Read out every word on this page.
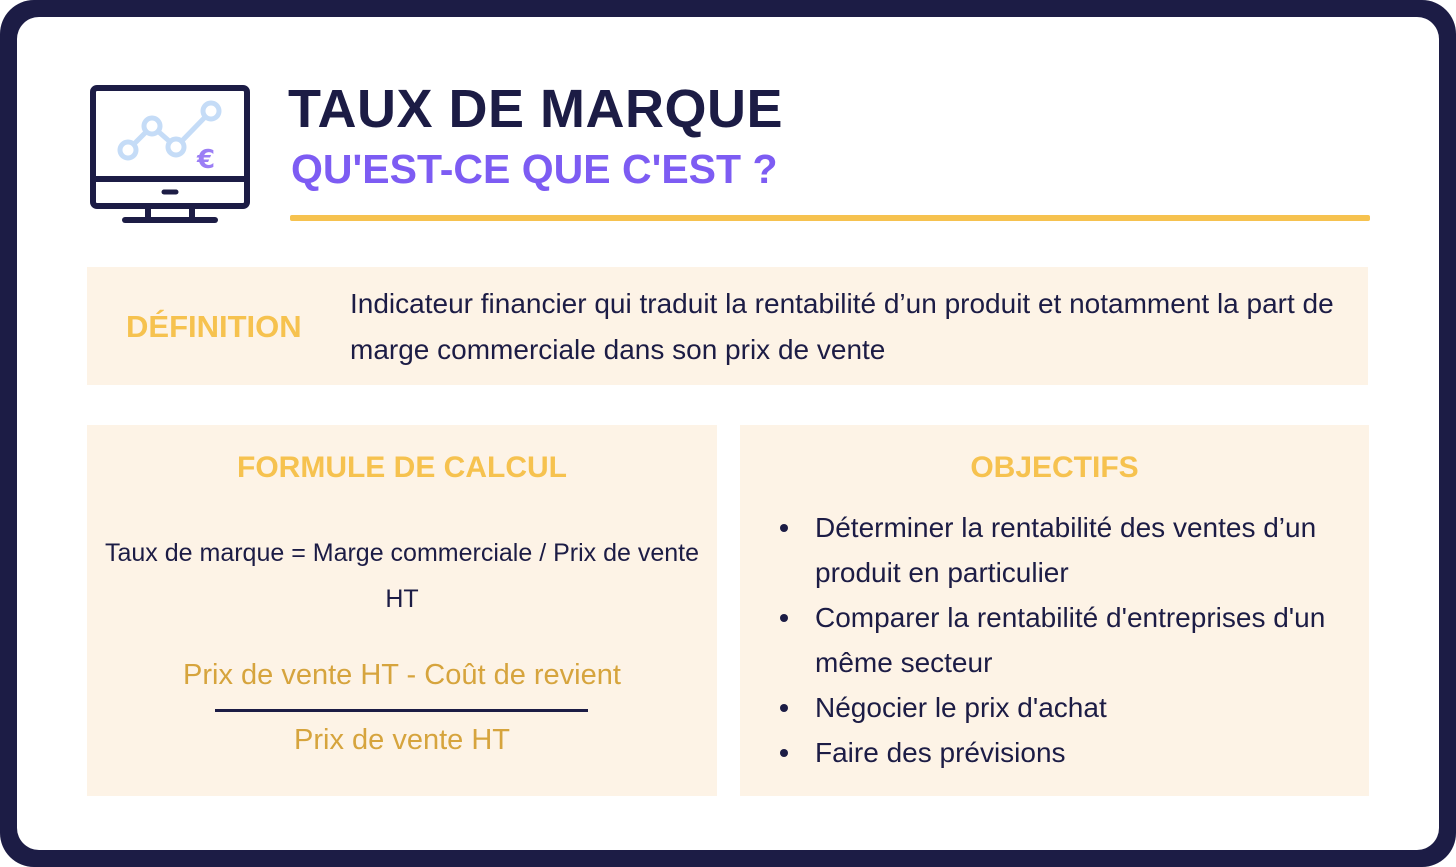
€
TAUX DE MARQUE
QU'EST-CE QUE C'EST ?
DÉFINITION
Indicateur financier qui traduit la rentabilité d’un produit et notamment la part de marge commerciale dans son prix de vente
FORMULE DE CALCUL
Taux de marque = Marge commerciale / Prix de vente HT
Prix de vente HT - Coût de revient
Prix de vente HT
OBJECTIFS
Déterminer la rentabilité des ventes d’un produit en particulier
Comparer la rentabilité d'entreprises d'un même secteur
Négocier le prix d'achat
Faire des prévisions
